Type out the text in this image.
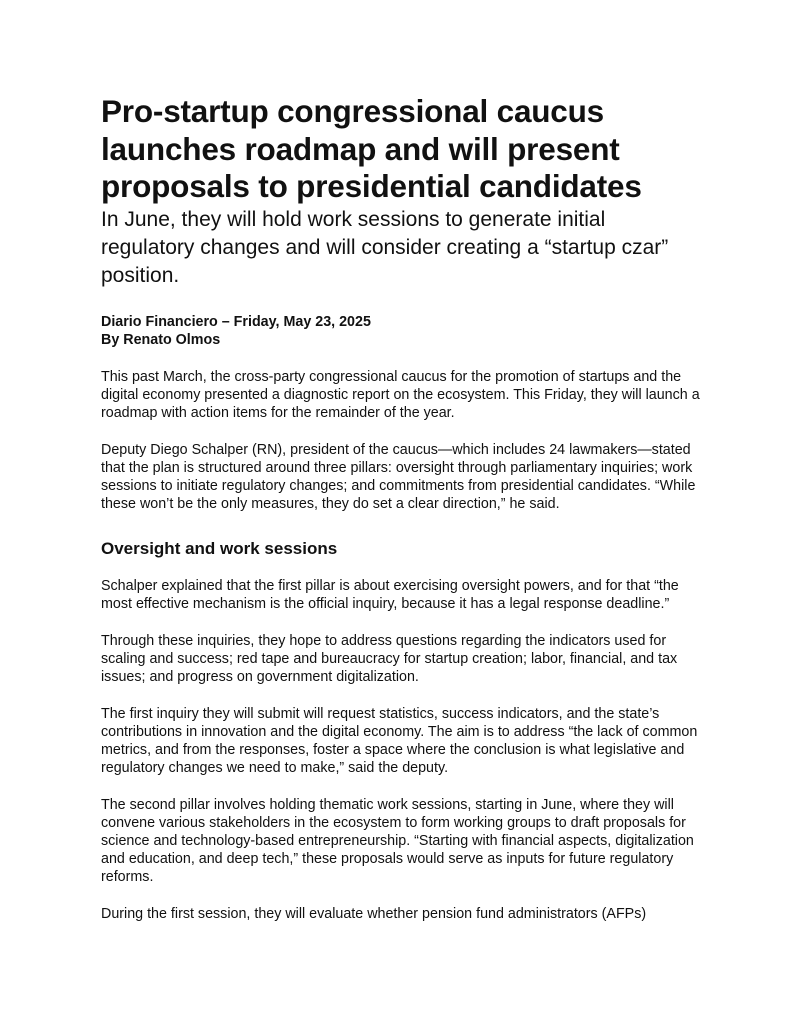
Pro-startup congressional caucus launches roadmap and will present proposals to presidential candidates
In June, they will hold work sessions to generate initial regulatory changes and will consider creating a “startup czar” position.
Diario Financiero – Friday, May 23, 2025
By Renato Olmos

This past March, the cross-party congressional caucus for the promotion of startups and the digital economy presented a diagnostic report on the ecosystem. This Friday, they will launch a roadmap with action items for the remainder of the year.

Deputy Diego Schalper (RN), president of the caucus—which includes 24 lawmakers—stated that the plan is structured around three pillars: oversight through parliamentary inquiries; work sessions to initiate regulatory changes; and commitments from presidential candidates. “While these won’t be the only measures, they do set a clear direction,” he said.

Oversight and work sessions

Schalper explained that the first pillar is about exercising oversight powers, and for that “the most effective mechanism is the official inquiry, because it has a legal response deadline.”

Through these inquiries, they hope to address questions regarding the indicators used for scaling and success; red tape and bureaucracy for startup creation; labor, financial, and tax issues; and progress on government digitalization.

The first inquiry they will submit will request statistics, success indicators, and the state’s contributions in innovation and the digital economy. The aim is to address “the lack of common metrics, and from the responses, foster a space where the conclusion is what legislative and regulatory changes we need to make,” said the deputy.

The second pillar involves holding thematic work sessions, starting in June, where they will convene various stakeholders in the ecosystem to form working groups to draft proposals for science and technology-based entrepreneurship. “Starting with financial aspects, digitalization and education, and deep tech,” these proposals would serve as inputs for future regulatory reforms.

During the first session, they will evaluate whether pension fund administrators (AFPs)
